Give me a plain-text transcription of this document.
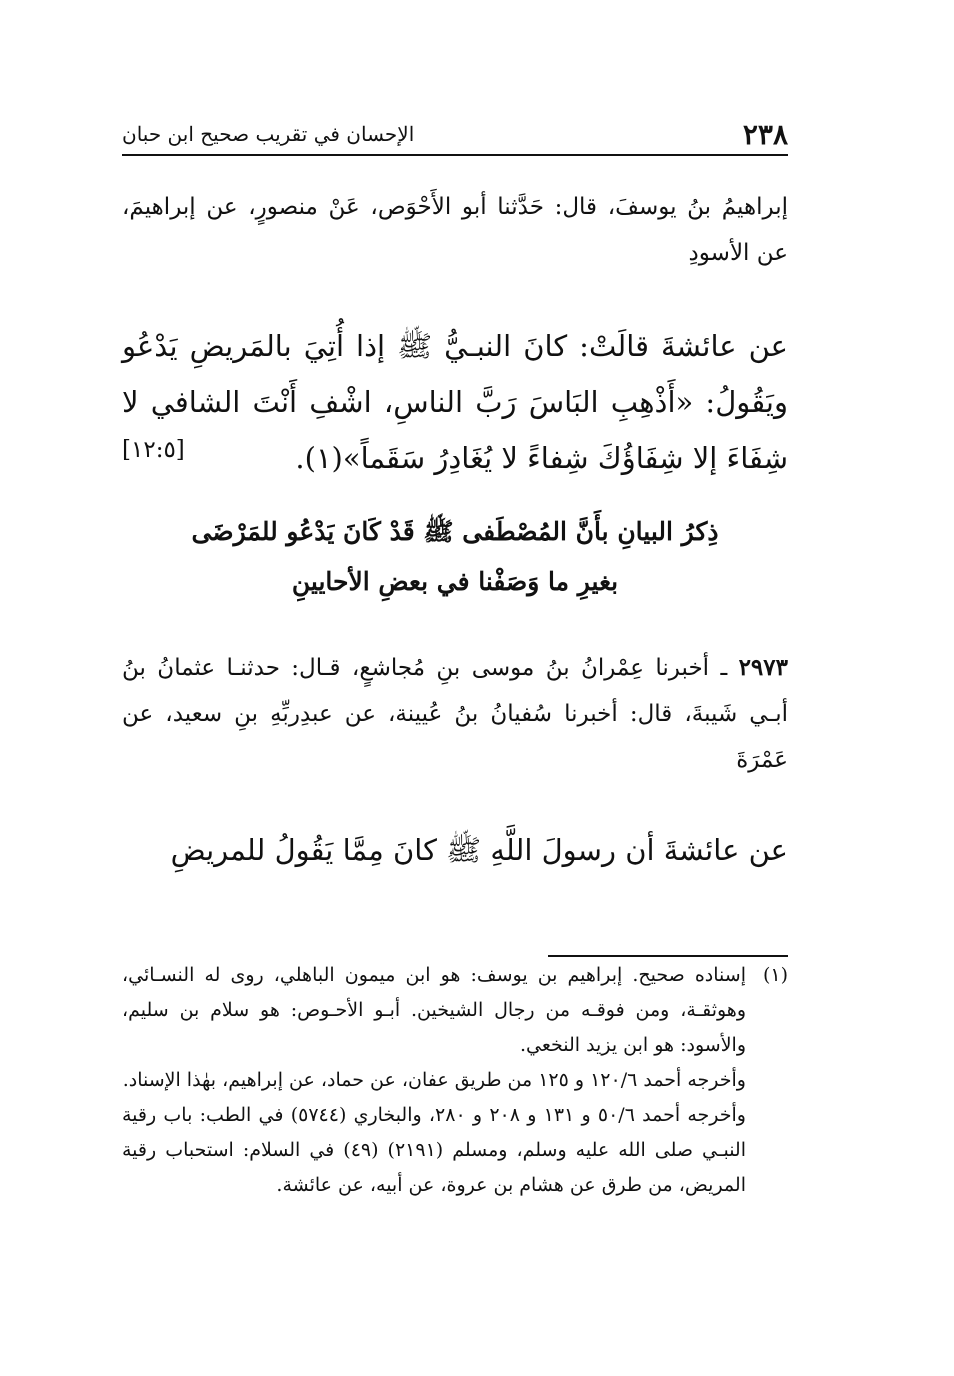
٢٣٨
الإحسان في تقريب صحيح ابن حبان
إبراهيمُ بنُ يوسفَ، قال: حَدَّثنا أبو الأَحْوَص، عَنْ منصورٍ، عن إبراهيمَ، عن الأسودِ
عن عائشةَ قالَتْ: كانَ النبـيُّ ﷺ إذا أُتِيَ بالمَريضِ يَدْعُو ويَقُولُ: «أَذْهِبِ البَاسَ رَبَّ الناسِ، اشْفِ أَنْتَ الشافي لا شِفَاءَ إلا شِفَاؤُكَ شِفاءً لا يُغَادِرُ سَقَماً»(١).
[١٢:٥]
ذِكرُ البيانِ بأَنَّ المُصْطَفى ﷺ قَدْ كَانَ يَدْعُو للمَرْضَى
بغيرِ ما وَصَفْنا في بعضِ الأحايينِ
٢٩٧٣ ـ أخبرنا عِمْرانُ بنُ موسى بنِ مُجاشعٍ، قـال: حدثنـا عثمانُ بنُ أبـي شَيبةَ، قال: أخبرنا سُفيانُ بنُ عُيينة، عن عبدِربِّهِ بنِ سعيد، عن عَمْرَةَ
عن عائشةَ أن رسولَ اللَّهِ ﷺ كانَ مِمَّا يَقُولُ للمريضِ

(١)
إسناده صحيح. إبراهيم بن يوسف: هو ابن ميمون الباهلي، روى له النسـائي، وهوثقـة، ومن فوقـه من رجال الشيخين. أبـو الأحـوص: هو سلام بن سليم، والأسود: هو ابن يزيد النخعي.

وأخرجه أحمد ١٢٠/٦ و ١٢٥ من طريق عفان، عن حماد، عن إبراهيم، بهٰذا الإسناد.

وأخرجه أحمد ٥٠/٦ و ١٣١ و ٢٠٨ و ٢٨٠، والبخاري (٥٧٤٤) في الطب: باب رقية النبـي صلى الله عليه وسلم، ومسلم (٢١٩١) (٤٩) في السلام: استحباب رقية المريض، من طرق عن هشام بن عروة، عن أبيه، عن عائشة.
